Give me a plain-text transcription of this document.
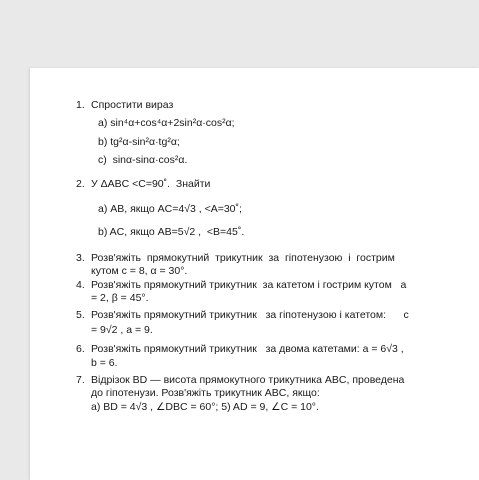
1. Спростити вираз
а) sin⁴α+cos⁴α+2sin²α·cos²α;
b) tg²α-sin²α·tg²α;
c)  sinα-sinα·cos²α.
2. У ΔABC <C=90˚.  Знайти
а) AB, якщо AC=4√3 , <A=30˚;
b) AC, якщо AB=5√2 ,  <B=45˚.
3. Розв'яжіть  прямокутний  трикутник  за  гіпотенузою  і  гострим
кутом c = 8, α = 30°.
4. Розв'яжіть прямокутний трикутник  за катетом і гострим кутом   a
= 2, β = 45°.
5. Розв'яжіть прямокутний трикутник   за гіпотенузою і катетом:      c
= 9√2 , a = 9.
6. Розв'яжіть прямокутний трикутник   за двома катетами: a = 6√3 ,
b = 6.
7. Відрізок BD — висота прямокутного трикутника ABC, проведена
до гіпотенузи. Розв'яжіть трикутник ABC, якщо:
а) BD = 4√3 , ∠DBC = 60°; 5) AD = 9, ∠C = 10°.
